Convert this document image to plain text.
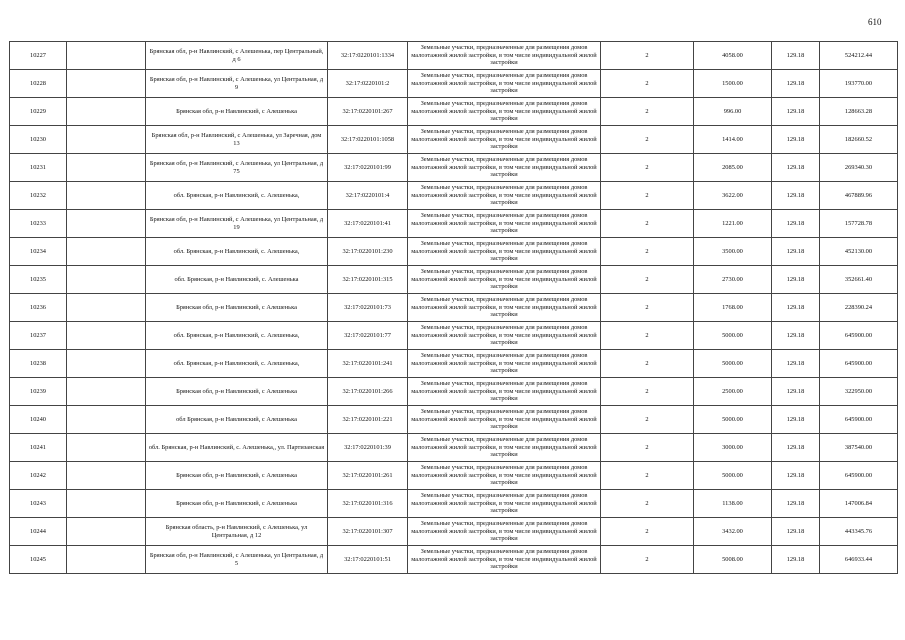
610
10227		Брянская обл, р-н Навлинский, с Алешенька, пер Центральный, д 6	32:17:0220101:1334	Земельные участки, предназначенные для размещения домов малоэтажной жилой застройки, в том числе индивидуальной жилой застройки	2	4058.00	129.18	524212.44
10228		Брянская обл, р-н Навлинский, с Алешенька, ул Центральная, д 9	32:17:0220101:2	Земельные участки, предназначенные для размещения домов малоэтажной жилой застройки, в том числе индивидуальной жилой застройки	2	1500.00	129.18	193770.00
10229		Брянская обл, р-н Навлинский, с Алешенька	32:17:0220101:267	Земельные участки, предназначенные для размещения домов малоэтажной жилой застройки, в том числе индивидуальной жилой застройки	2	996.00	129.18	128663.28
10230		Брянская обл, р-н Навлинский, с Алешенька, ул Заречная, дом 13	32:17:0220101:1058	Земельные участки, предназначенные для размещения домов малоэтажной жилой застройки, в том числе индивидуальной жилой застройки	2	1414.00	129.18	182660.52
10231		Брянская обл, р-н Навлинский, с Алешенька, ул Центральная, д 75	32:17:0220101:99	Земельные участки, предназначенные для размещения домов малоэтажной жилой застройки, в том числе индивидуальной жилой застройки	2	2085.00	129.18	269340.30
10232		обл. Брянская, р-н Навлинский, с. Алешенька,	32:17:0220101:4	Земельные участки, предназначенные для размещения домов малоэтажной жилой застройки, в том числе индивидуальной жилой застройки	2	3622.00	129.18	467889.96
10233		Брянская обл, р-н Навлинский, с Алешенька, ул Центральная, д 19	32:17:0220101:41	Земельные участки, предназначенные для размещения домов малоэтажной жилой застройки, в том числе индивидуальной жилой застройки	2	1221.00	129.18	157728.78
10234		обл. Брянская, р-н Навлинский, с. Алешенька,	32:17:0220101:230	Земельные участки, предназначенные для размещения домов малоэтажной жилой застройки, в том числе индивидуальной жилой застройки	2	3500.00	129.18	452130.00
10235		обл. Брянская, р-н Навлинский, с. Алешенька	32:17:0220101:315	Земельные участки, предназначенные для размещения домов малоэтажной жилой застройки, в том числе индивидуальной жилой застройки	2	2730.00	129.18	352661.40
10236		Брянская обл, р-н Навлинский, с Алешенька	32:17:0220101:73	Земельные участки, предназначенные для размещения домов малоэтажной жилой застройки, в том числе индивидуальной жилой застройки	2	1768.00	129.18	228390.24
10237		обл. Брянская, р-н Навлинский, с. Алешенька,	32:17:0220101:77	Земельные участки, предназначенные для размещения домов малоэтажной жилой застройки, в том числе индивидуальной жилой застройки	2	5000.00	129.18	645900.00
10238		обл. Брянская, р-н Навлинский, с. Алешенька,	32:17:0220101:241	Земельные участки, предназначенные для размещения домов малоэтажной жилой застройки, в том числе индивидуальной жилой застройки	2	5000.00	129.18	645900.00
10239		Брянская обл, р-н Навлинский, с Алешенька	32:17:0220101:266	Земельные участки, предназначенные для размещения домов малоэтажной жилой застройки, в том числе индивидуальной жилой застройки	2	2500.00	129.18	322950.00
10240		обл Брянская, р-н Навлинский, с Алешенька	32:17:0220101:221	Земельные участки, предназначенные для размещения домов малоэтажной жилой застройки, в том числе индивидуальной жилой застройки	2	5000.00	129.18	645900.00
10241		обл. Брянская, р-н Навлинский, с. Алешенька,, ул. Партизанская	32:17:0220101:39	Земельные участки, предназначенные для размещения домов малоэтажной жилой застройки, в том числе индивидуальной жилой застройки	2	3000.00	129.18	387540.00
10242		Брянская обл, р-н Навлинский, с Алешенька	32:17:0220101:261	Земельные участки, предназначенные для размещения домов малоэтажной жилой застройки, в том числе индивидуальной жилой застройки	2	5000.00	129.18	645900.00
10243		Брянская обл, р-н Навлинский, с Алешенька	32:17:0220101:316	Земельные участки, предназначенные для размещения домов малоэтажной жилой застройки, в том числе индивидуальной жилой застройки	2	1138.00	129.18	147006.84
10244		Брянская область, р-н Навлинский, с Алешенька, ул Центральная, д 12	32:17:0220101:307	Земельные участки, предназначенные для размещения домов малоэтажной жилой застройки, в том числе индивидуальной жилой застройки	2	3432.00	129.18	443345.76
10245		Брянская обл, р-н Навлинский, с Алешенька, ул Центральная, д 5	32:17:0220101:51	Земельные участки, предназначенные для размещения домов малоэтажной жилой застройки, в том числе индивидуальной жилой застройки	2	5008.00	129.18	646933.44
